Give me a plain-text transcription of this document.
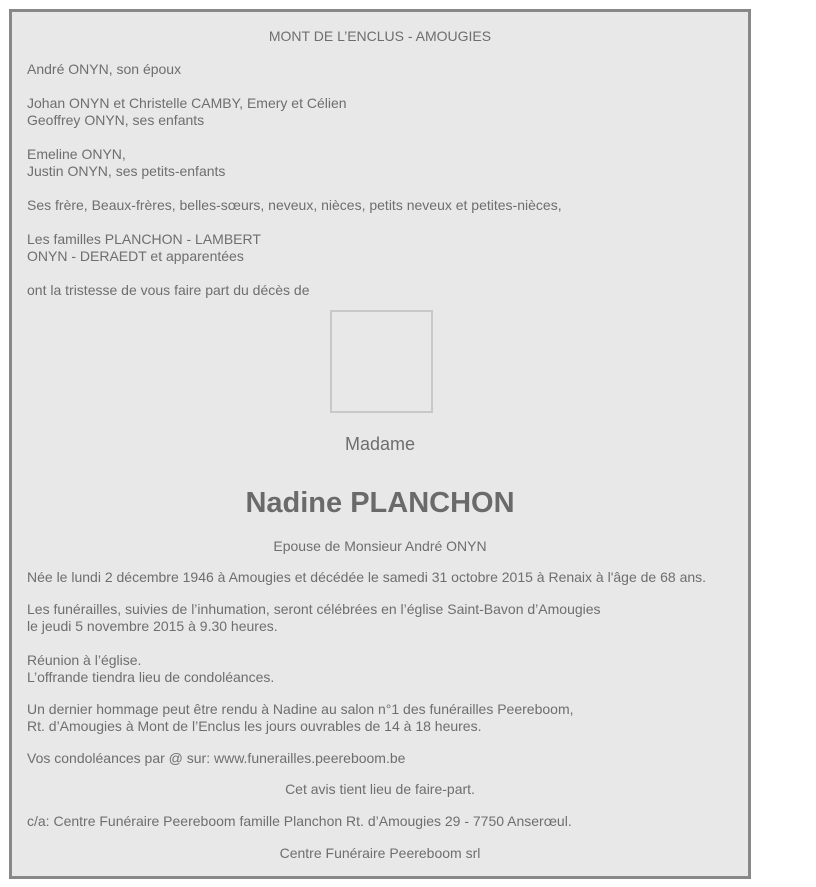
MONT DE L’ENCLUS - AMOUGIES
André ONYN, son époux
Johan ONYN et Christelle CAMBY, Emery et Célien
Geoffrey ONYN, ses enfants
Emeline ONYN,
Justin ONYN, ses petits-enfants
Ses frère, Beaux-frères, belles-sœurs, neveux, nièces, petits neveux et petites-nièces,
Les familles PLANCHON - LAMBERT
ONYN - DERAEDT et apparentées
ont la tristesse de vous faire part du décès de
Madame
Nadine PLANCHON
Epouse de Monsieur André ONYN
Née le lundi 2 décembre 1946 à Amougies et décédée le samedi 31 octobre 2015 à Renaix à l'âge de 68 ans.
Les funérailles, suivies de l’inhumation, seront célébrées en l’église Saint-Bavon d’Amougies
le jeudi 5 novembre 2015 à 9.30 heures.
Réunion à l’église.
L’offrande tiendra lieu de condoléances.
Un dernier hommage peut être rendu à Nadine au salon n°1 des funérailles Peereboom,
Rt. d’Amougies à Mont de l’Enclus les jours ouvrables de 14 à 18 heures.
Vos condoléances par @ sur: www.funerailles.peereboom.be
Cet avis tient lieu de faire-part.
c/a: Centre Funéraire Peereboom famille Planchon Rt. d’Amougies 29 - 7750 Anserœul.
Centre Funéraire Peereboom srl
